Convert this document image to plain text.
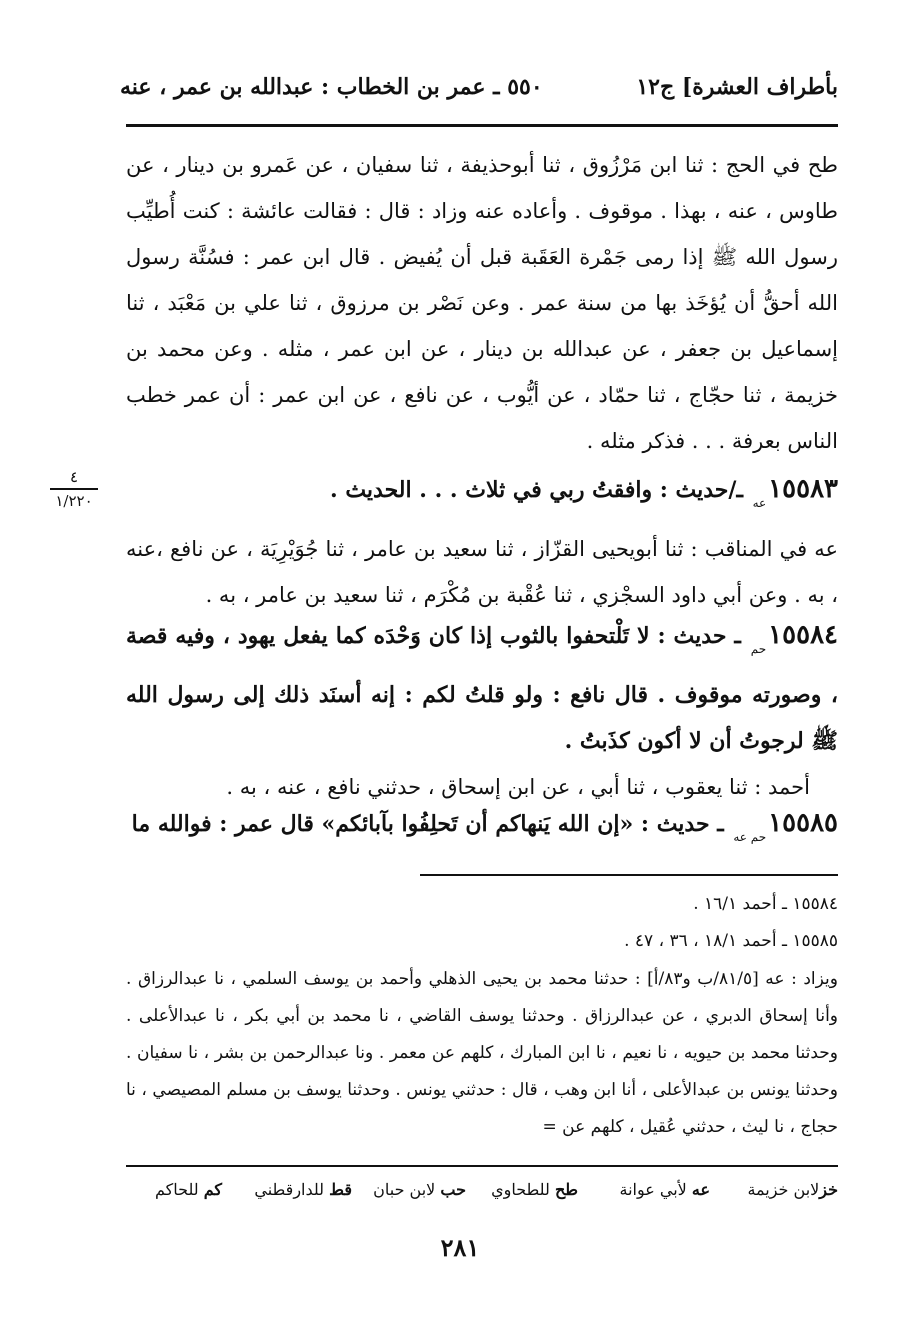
بأطراف العشرة] ج١٢
٥٥٠ ـ عمر بن الخطاب : عبدالله بن عمر ، عنه

طح في الحج : ثنا ابن مَرْزُوق ، ثنا أبوحذيفة ، ثنا سفيان ، عن عَمرو بن دينار ، عن طاوس ، عنه ، بهذا . موقوف . وأعاده عنه وزاد : قال : فقالت عائشة : كنت أُطيِّب رسول الله ﷺ إذا رمى جَمْرة العَقَبة قبل أن يُفيض . قال ابن عمر : فسُنَّة رسول الله أحقُّ أن يُؤخَذ بها من سنة عمر . وعن نَصْر بن مرزوق ، ثنا علي بن مَعْبَد ، ثنا إسماعيل بن جعفر ، عن عبدالله بن دينار ، عن ابن عمر ، مثله . وعن محمد بن خزيمة ، ثنا حجّاج ، ثنا حمّاد ، عن أيُّوب ، عن نافع ، عن ابن عمر : أن عمر خطب الناس بعرفة . . . فذكر مثله .

٤
١/٢٢٠	$١٥٥٨٣_{عه}$ ـ/حديث : وافقتُ ربي في ثلاث . . . الحديث .

عه في المناقب : ثنا أبويحيى القزّاز ، ثنا سعيد بن عامر ، ثنا جُوَيْرِيَة ، عن نافع ،عنه ، به . وعن أبي داود السجْزي ، ثنا عُقْبة بن مُكْرَم ، ثنا سعيد بن عامر ، به .

$١٥٥٨٤_{حم}$ ـ حديث : لا تَلْتحفوا بالثوب إذا كان وَحْدَه كما يفعل يهود ، وفيه قصة ، وصورته موقوف . قال نافع : ولو قلتُ لكم : إنه أسنَد ذلك إلى رسول الله ﷺ لرجوتُ أن لا أكون كذَبتُ .

أحمد : ثنا يعقوب ، ثنا أبي ، عن ابن إسحاق ، حدثني نافع ، عنه ، به .

$١٥٥٨٥_{حم عه}$ ـ حديث : «إن الله يَنهاكم أن تَحلِفُوا بآبائكم» قال عمر : فوالله ما

١٥٥٨٤ ـ أحمد ١٦/١ .

١٥٥٨٥ ـ أحمد ١٨/١ ، ٣٦ ، ٤٧ .

ويزاد : عه [٨١/٥/ب و٨٣/أ] : حدثنا محمد بن يحيى الذهلي وأحمد بن يوسف السلمي ، نا عبدالرزاق . وأنا إسحاق الدبري ، عن عبدالرزاق . وحدثنا يوسف القاضي ، نا محمد بن أبي بكر ، نا عبدالأعلى . وحدثنا محمد بن حيويه ، نا نعيم ، نا ابن المبارك ، كلهم عن معمر . ونا عبدالرحمن بن بشر ، نا سفيان . وحدثنا يونس بن عبدالأعلى ، أنا ابن وهب ، قال : حدثني يونس . وحدثنا يوسف بن مسلم المصيصي ، نا حجاج ، نا ليث ، حدثني عُقيل ، كلهم عن =

خزلابن خزيمة
عه لأبي عوانة
طح للطحاوي
حب لابن حبان
قط للدارقطني
كم للحاكم
٢٨١
